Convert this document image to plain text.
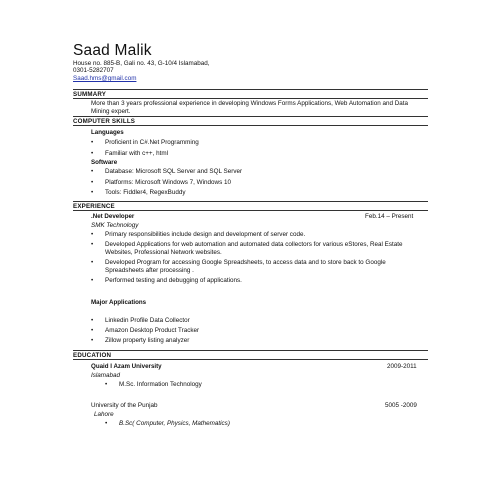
Saad Malik
House no. 885-B, Gali no. 43, G-10/4 Islamabad,
0301-5282707
Saad.hms@gmail.com
SUMMARY
More than 3 years professional experience in developing Windows Forms Applications, Web Automation and Data Mining expert.
COMPUTER SKILLS
Languages
• Proficient in C#.Net Programming
• Familiar with c++, html
Software
• Database: Microsoft SQL Server and SQL Server
• Platforms: Microsoft Windows 7, Windows 10
• Tools: Fiddler4, RegexBuddy
EXPERIENCE
.Net Developer	Feb.14 – Present
SMK Technology
• Primary responsibilities include design and development of server code.
• Developed Applications for web automation and automated data collectors for various eStores, Real Estate Websites, Professional Network websites.
• Developed Program for accessing Google Spreadsheets, to access data and to store back to Google Spreadsheets after processing .
• Performed testing and debugging of applications.
Major Applications
• Linkedin Profile Data Collector
• Amazon Desktop Product Tracker
• Zillow property listing analyzer
EDUCATION
Quaid I Azam University	2009-2011
Islamabad
• M.Sc. Information Technology
University of the Punjab	5005 -2009
Lahore
• B.Sc( Computer, Physics, Mathematics)
